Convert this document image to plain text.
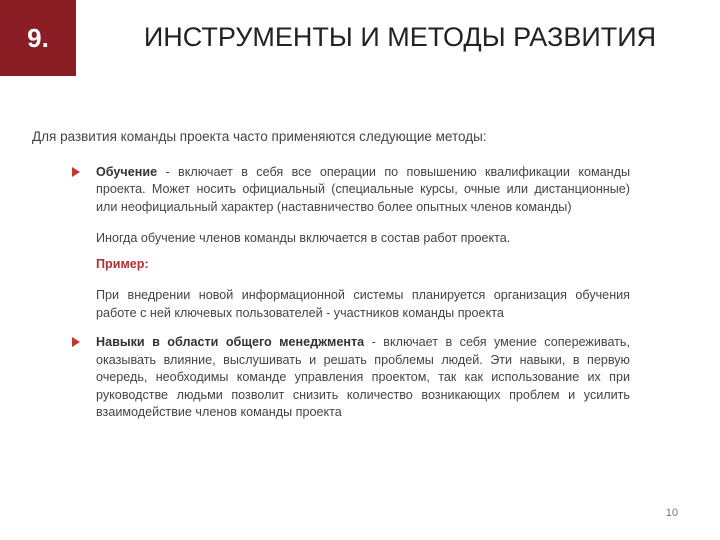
9.	ИНСТРУМЕНТЫ И МЕТОДЫ РАЗВИТИЯ

Для развития команды проекта часто применяются следующие методы:

Обучение - включает в себя все операции по повышению квалификации команды проекта. Может носить официальный (специальные курсы, очные или дистанционные) или неофициальный характер (наставничество более опытных членов команды)

Иногда обучение членов команды включается в состав работ проекта.

Пример:

При внедрении новой информационной системы планируется организация обучения работе с ней ключевых пользователей - участников команды проекта

Навыки в области общего менеджмента - включает в себя умение сопереживать, оказывать влияние, выслушивать и решать проблемы людей. Эти навыки, в первую очередь, необходимы команде управления проектом, так как использование их при руководстве людьми позволит снизить количество возникающих проблем и усилить взаимодействие членов команды проекта
10
